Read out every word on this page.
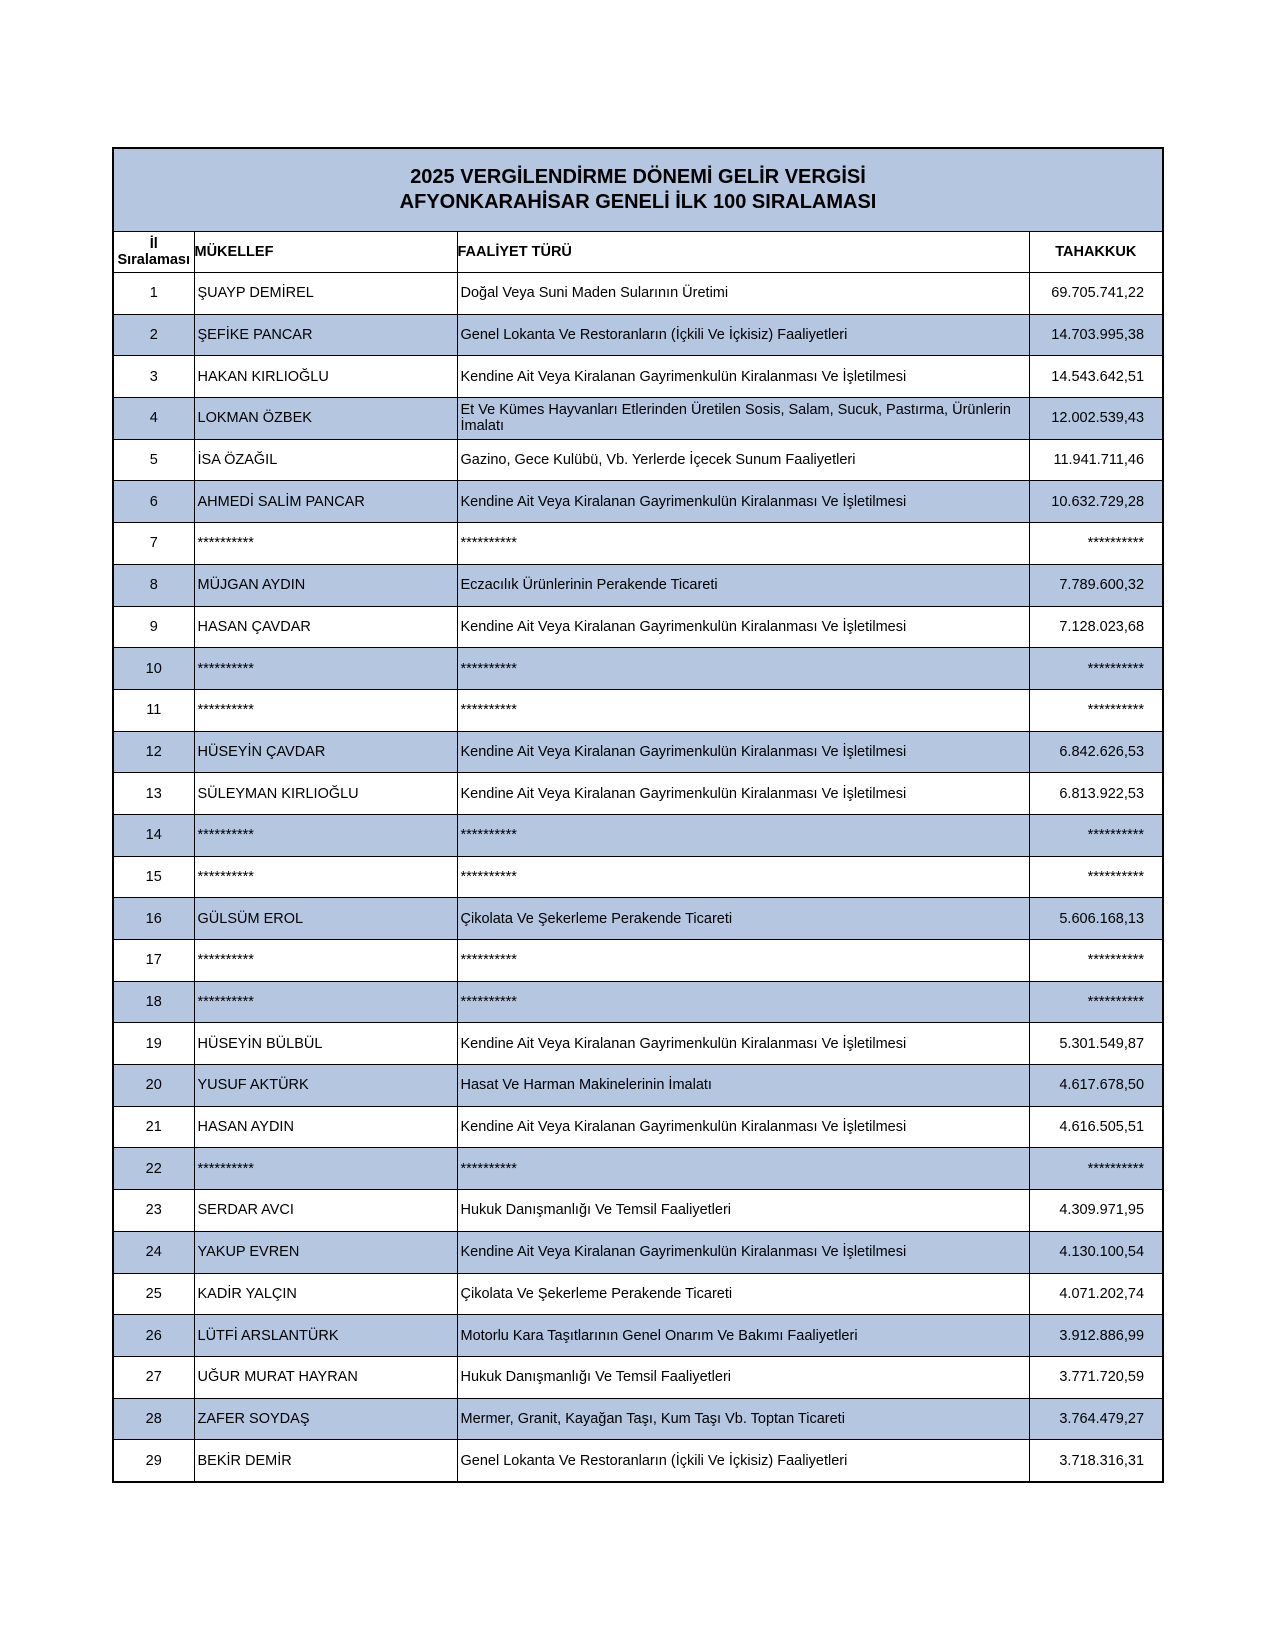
2025 VERGİLENDİRME DÖNEMİ GELİR VERGİSİ
AFYONKARAHİSAR GENELİ İLK 100 SIRALAMASI			

İl Sıralaması	MÜKELLEF	FAALİYET TÜRÜ	TAHAKKUK
1	ŞUAYP DEMİREL	Doğal Veya Suni Maden Sularının Üretimi	69.705.741,22
2	ŞEFİKE PANCAR	Genel Lokanta Ve Restoranların (İçkili Ve İçkisiz) Faaliyetleri	14.703.995,38
3	HAKAN KIRLIOĞLU	Kendine Ait Veya Kiralanan Gayrimenkulün Kiralanması Ve İşletilmesi	14.543.642,51
4	LOKMAN ÖZBEK	Et Ve Kümes Hayvanları Etlerinden Üretilen Sosis, Salam, Sucuk, Pastırma, Ürünlerin İmalatı	12.002.539,43
5	İSA ÖZAĞIL	Gazino, Gece Kulübü, Vb. Yerlerde İçecek Sunum Faaliyetleri	11.941.711,46
6	AHMEDİ SALİM PANCAR	Kendine Ait Veya Kiralanan Gayrimenkulün Kiralanması Ve İşletilmesi	10.632.729,28
7	**********	**********	**********
8	MÜJGAN AYDIN	Eczacılık Ürünlerinin Perakende Ticareti	7.789.600,32
9	HASAN ÇAVDAR	Kendine Ait Veya Kiralanan Gayrimenkulün Kiralanması Ve İşletilmesi	7.128.023,68
10	**********	**********	**********
11	**********	**********	**********
12	HÜSEYİN ÇAVDAR	Kendine Ait Veya Kiralanan Gayrimenkulün Kiralanması Ve İşletilmesi	6.842.626,53
13	SÜLEYMAN KIRLIOĞLU	Kendine Ait Veya Kiralanan Gayrimenkulün Kiralanması Ve İşletilmesi	6.813.922,53
14	**********	**********	**********
15	**********	**********	**********
16	GÜLSÜM EROL	Çikolata Ve Şekerleme Perakende Ticareti	5.606.168,13
17	**********	**********	**********
18	**********	**********	**********
19	HÜSEYİN BÜLBÜL	Kendine Ait Veya Kiralanan Gayrimenkulün Kiralanması Ve İşletilmesi	5.301.549,87
20	YUSUF AKTÜRK	Hasat Ve Harman Makinelerinin İmalatı	4.617.678,50
21	HASAN AYDIN	Kendine Ait Veya Kiralanan Gayrimenkulün Kiralanması Ve İşletilmesi	4.616.505,51
22	**********	**********	**********
23	SERDAR AVCI	Hukuk Danışmanlığı Ve Temsil Faaliyetleri	4.309.971,95
24	YAKUP EVREN	Kendine Ait Veya Kiralanan Gayrimenkulün Kiralanması Ve İşletilmesi	4.130.100,54
25	KADİR YALÇIN	Çikolata Ve Şekerleme Perakende Ticareti	4.071.202,74
26	LÜTFİ ARSLANTÜRK	Motorlu Kara Taşıtlarının Genel Onarım Ve Bakımı Faaliyetleri	3.912.886,99
27	UĞUR MURAT HAYRAN	Hukuk Danışmanlığı Ve Temsil Faaliyetleri	3.771.720,59
28	ZAFER SOYDAŞ	Mermer, Granit, Kayağan Taşı, Kum Taşı Vb. Toptan Ticareti	3.764.479,27
29	BEKİR DEMİR	Genel Lokanta Ve Restoranların (İçkili Ve İçkisiz) Faaliyetleri	3.718.316,31
